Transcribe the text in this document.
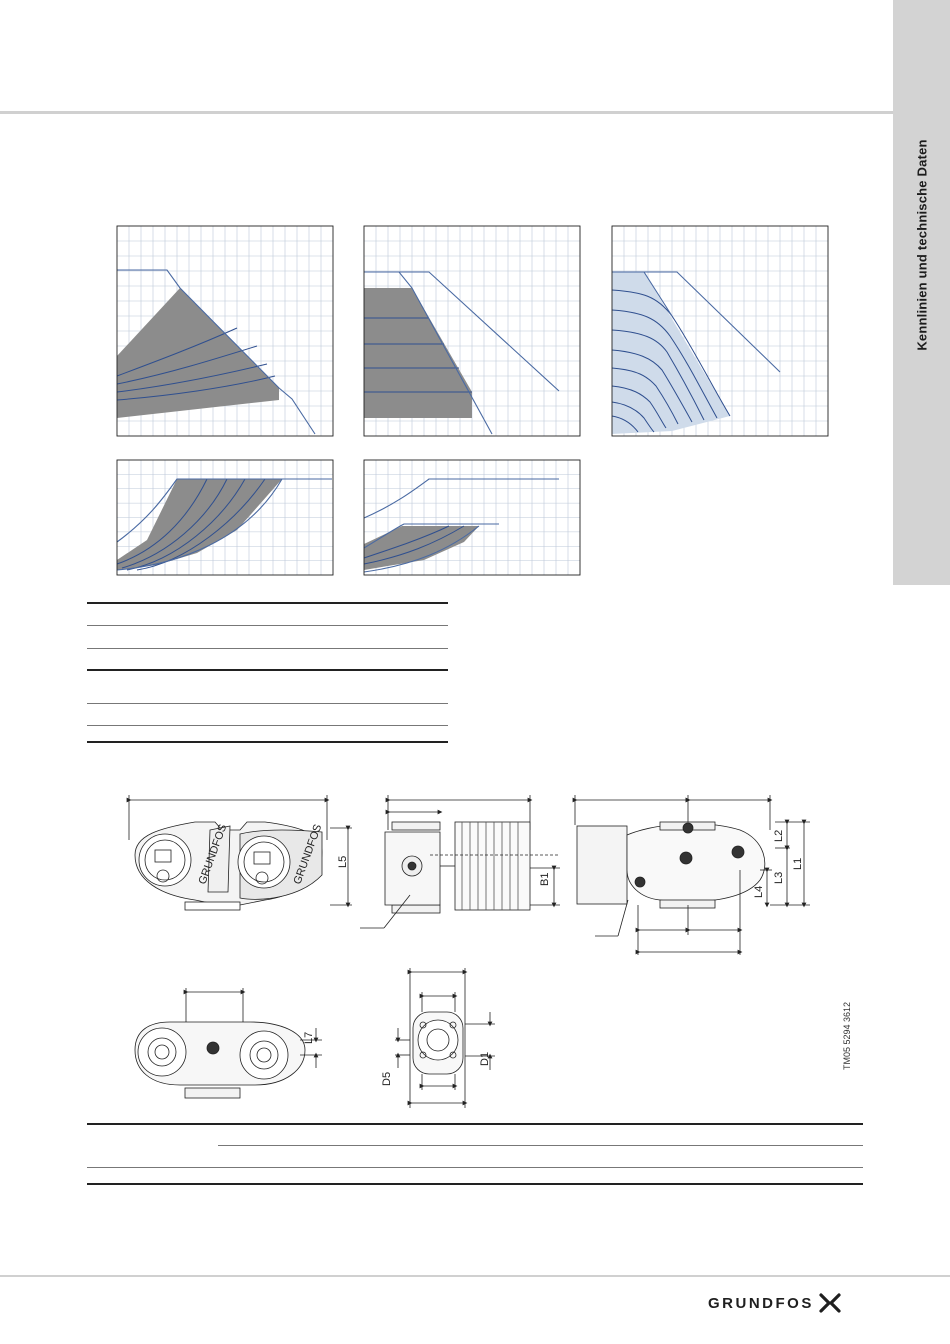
Kennlinien und technische Daten
GRUNDFOS	GRUNDFOS L5
B1
L2
L1
L3
L4
L7
D5
D1	TM05 5294 3612
GRUNDFOS
